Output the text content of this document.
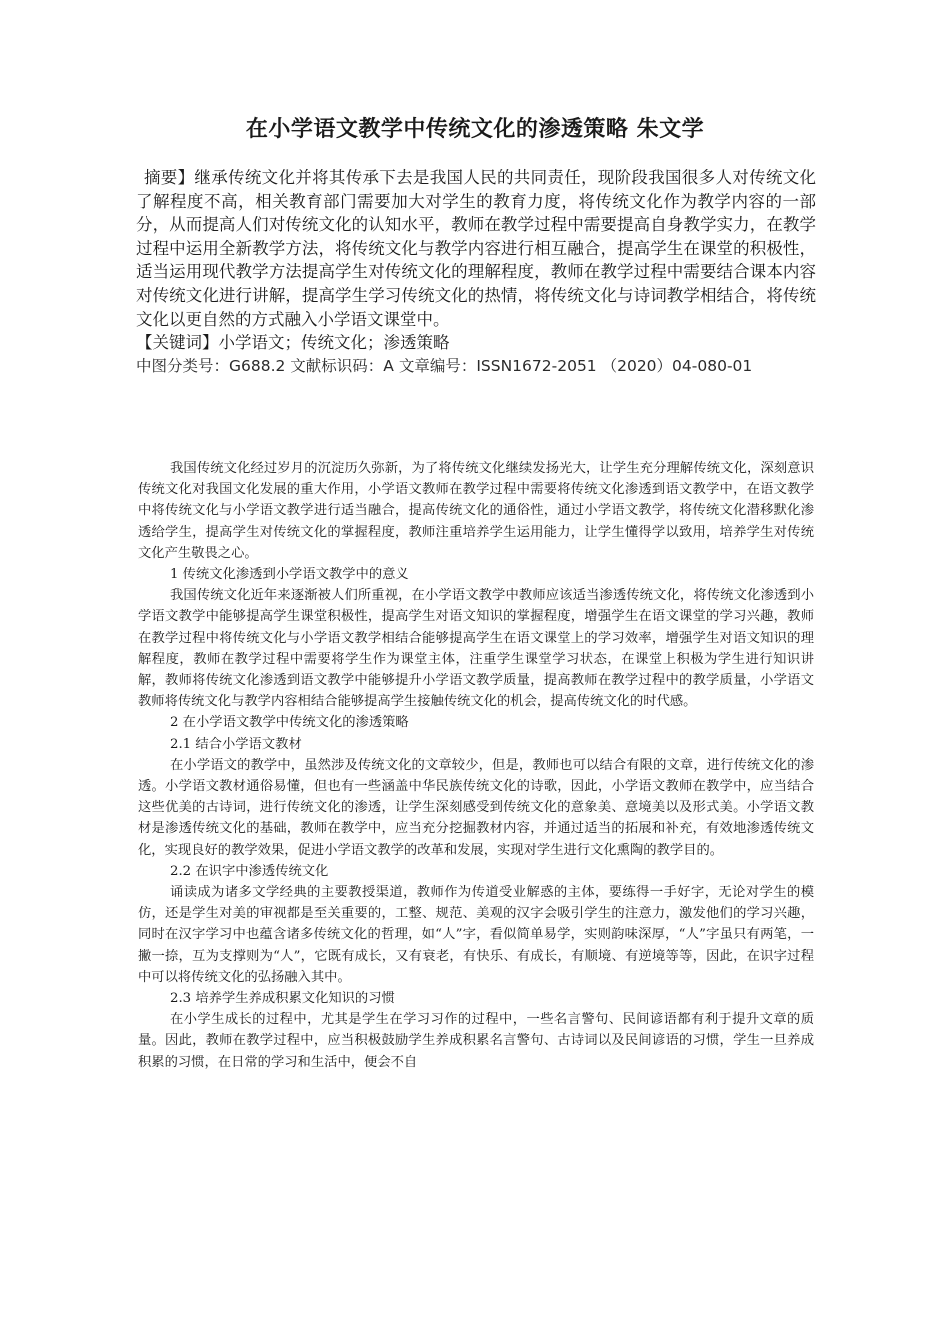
在小学语文教学中传统文化的渗透策略 朱文学

摘要】继承传统文化并将其传承下去是我国人民的共同责任，现阶段我国很多人对传统文化了解程度不高，相关教育部门需要加大对学生的教育力度，将传统文化作为教学内容的一部分，从而提高人们对传统文化的认知水平，教师在教学过程中需要提高自身教学实力，在教学过程中运用全新教学方法，将传统文化与教学内容进行相互融合，提高学生在课堂的积极性，适当运用现代教学方法提高学生对传统文化的理解程度，教师在教学过程中需要结合课本内容对传统文化进行讲解，提高学生学习传统文化的热情，将传统文化与诗词教学相结合，将传统文化以更自然的方式融入小学语文课堂中。

【关键词】小学语文；传统文化；渗透策略

中图分类号：G688.2 文献标识码：A 文章编号：ISSN1672-2051 （2020）04-080-01

我国传统文化经过岁月的沉淀历久弥新，为了将传统文化继续发扬光大，让学生充分理解传统文化，深刻意识传统文化对我国文化发展的重大作用，小学语文教师在教学过程中需要将传统文化渗透到语文教学中，在语文教学中将传统文化与小学语文教学进行适当融合，提高传统文化的通俗性，通过小学语文教学，将传统文化潜移默化渗透给学生，提高学生对传统文化的掌握程度，教师注重培养学生运用能力，让学生懂得学以致用，培养学生对传统文化产生敬畏之心。

1 传统文化渗透到小学语文教学中的意义

我国传统文化近年来逐渐被人们所重视，在小学语文教学中教师应该适当渗透传统文化，将传统文化渗透到小学语文教学中能够提高学生课堂积极性，提高学生对语文知识的掌握程度，增强学生在语文课堂的学习兴趣，教师在教学过程中将传统文化与小学语文教学相结合能够提高学生在语文课堂上的学习效率，增强学生对语文知识的理解程度，教师在教学过程中需要将学生作为课堂主体，注重学生课堂学习状态，在课堂上积极为学生进行知识讲解，教师将传统文化渗透到语文教学中能够提升小学语文教学质量，提高教师在教学过程中的教学质量，小学语文教师将传统文化与教学内容相结合能够提高学生接触传统文化的机会，提高传统文化的时代感。

2 在小学语文教学中传统文化的渗透策略

2.1 结合小学语文教材

在小学语文的教学中，虽然涉及传统文化的文章较少，但是，教师也可以结合有限的文章，进行传统文化的渗透。小学语文教材通俗易懂，但也有一些涵盖中华民族传统文化的诗歌，因此，小学语文教师在教学中，应当结合这些优美的古诗词，进行传统文化的渗透，让学生深刻感受到传统文化的意象美、意境美以及形式美。小学语文教材是渗透传统文化的基础，教师在教学中，应当充分挖掘教材内容，并通过适当的拓展和补充，有效地渗透传统文化，实现良好的教学效果，促进小学语文教学的改革和发展，实现对学生进行文化熏陶的教学目的。

2.2 在识字中渗透传统文化

诵读成为诸多文学经典的主要教授渠道，教师作为传道受业解惑的主体，要练得一手好字，无论对学生的模仿，还是学生对美的审视都是至关重要的，工整、规范、美观的汉字会吸引学生的注意力，激发他们的学习兴趣，同时在汉字学习中也蕴含诸多传统文化的哲理，如“人”字，看似简单易学，实则韵味深厚，“人”字虽只有两笔，一撇一捺，互为支撑则为“人”，它既有成长，又有衰老，有快乐、有成长，有顺境、有逆境等等，因此，在识字过程中可以将传统文化的弘扬融入其中。

2.3 培养学生养成积累文化知识的习惯

在小学生成长的过程中，尤其是学生在学习习作的过程中，一些名言警句、民间谚语都有利于提升文章的质量。因此，教师在教学过程中，应当积极鼓励学生养成积累名言警句、古诗词以及民间谚语的习惯，学生一旦养成积累的习惯，在日常的学习和生活中，便会不自
